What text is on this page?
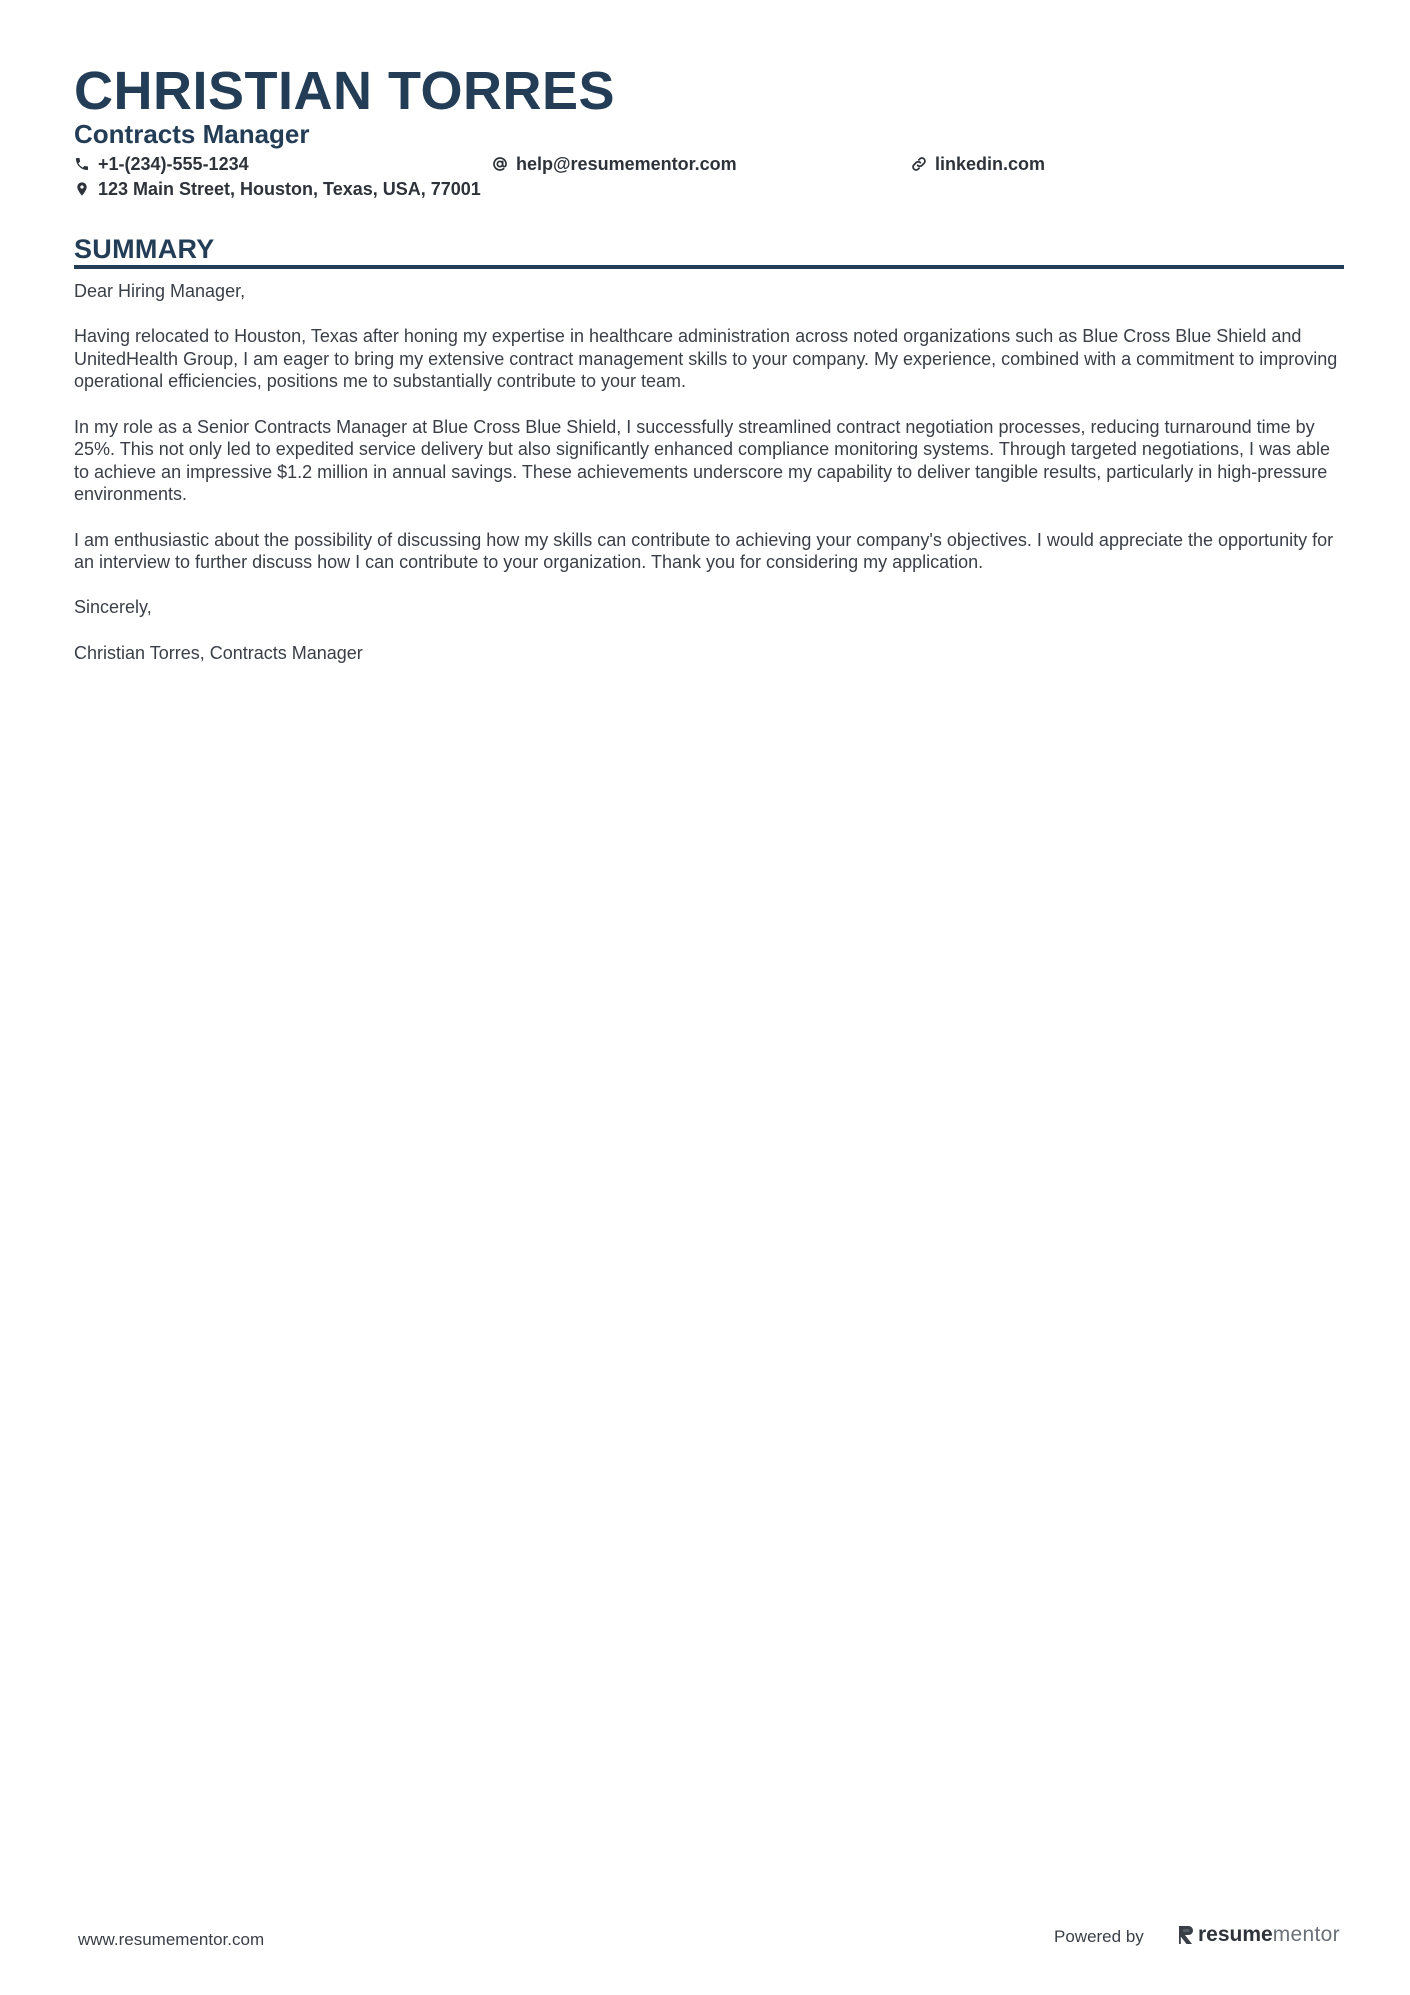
CHRISTIAN TORRES
Contracts Manager
+1-(234)-555-1234	help@resumementor.com	linkedin.com
123 Main Street, Houston, Texas, USA, 77001
SUMMARY

Dear Hiring Manager,

Having relocated to Houston, Texas after honing my expertise in healthcare administration across noted organizations such as Blue Cross Blue Shield and UnitedHealth Group, I am eager to bring my extensive contract management skills to your company. My experience, combined with a commitment to improving operational efficiencies, positions me to substantially contribute to your team.

In my role as a Senior Contracts Manager at Blue Cross Blue Shield, I successfully streamlined contract negotiation processes, reducing turnaround time by 25%. This not only led to expedited service delivery but also significantly enhanced compliance monitoring systems. Through targeted negotiations, I was able to achieve an impressive $1.2 million in annual savings. These achievements underscore my capability to deliver tangible results, particularly in high-pressure environments.

I am enthusiastic about the possibility of discussing how my skills can contribute to achieving your company's objectives. I would appreciate the opportunity for an interview to further discuss how I can contribute to your organization. Thank you for considering my application.

Sincerely,

Christian Torres, Contracts Manager

www.resumementor.com	Powered by	resume mentor
